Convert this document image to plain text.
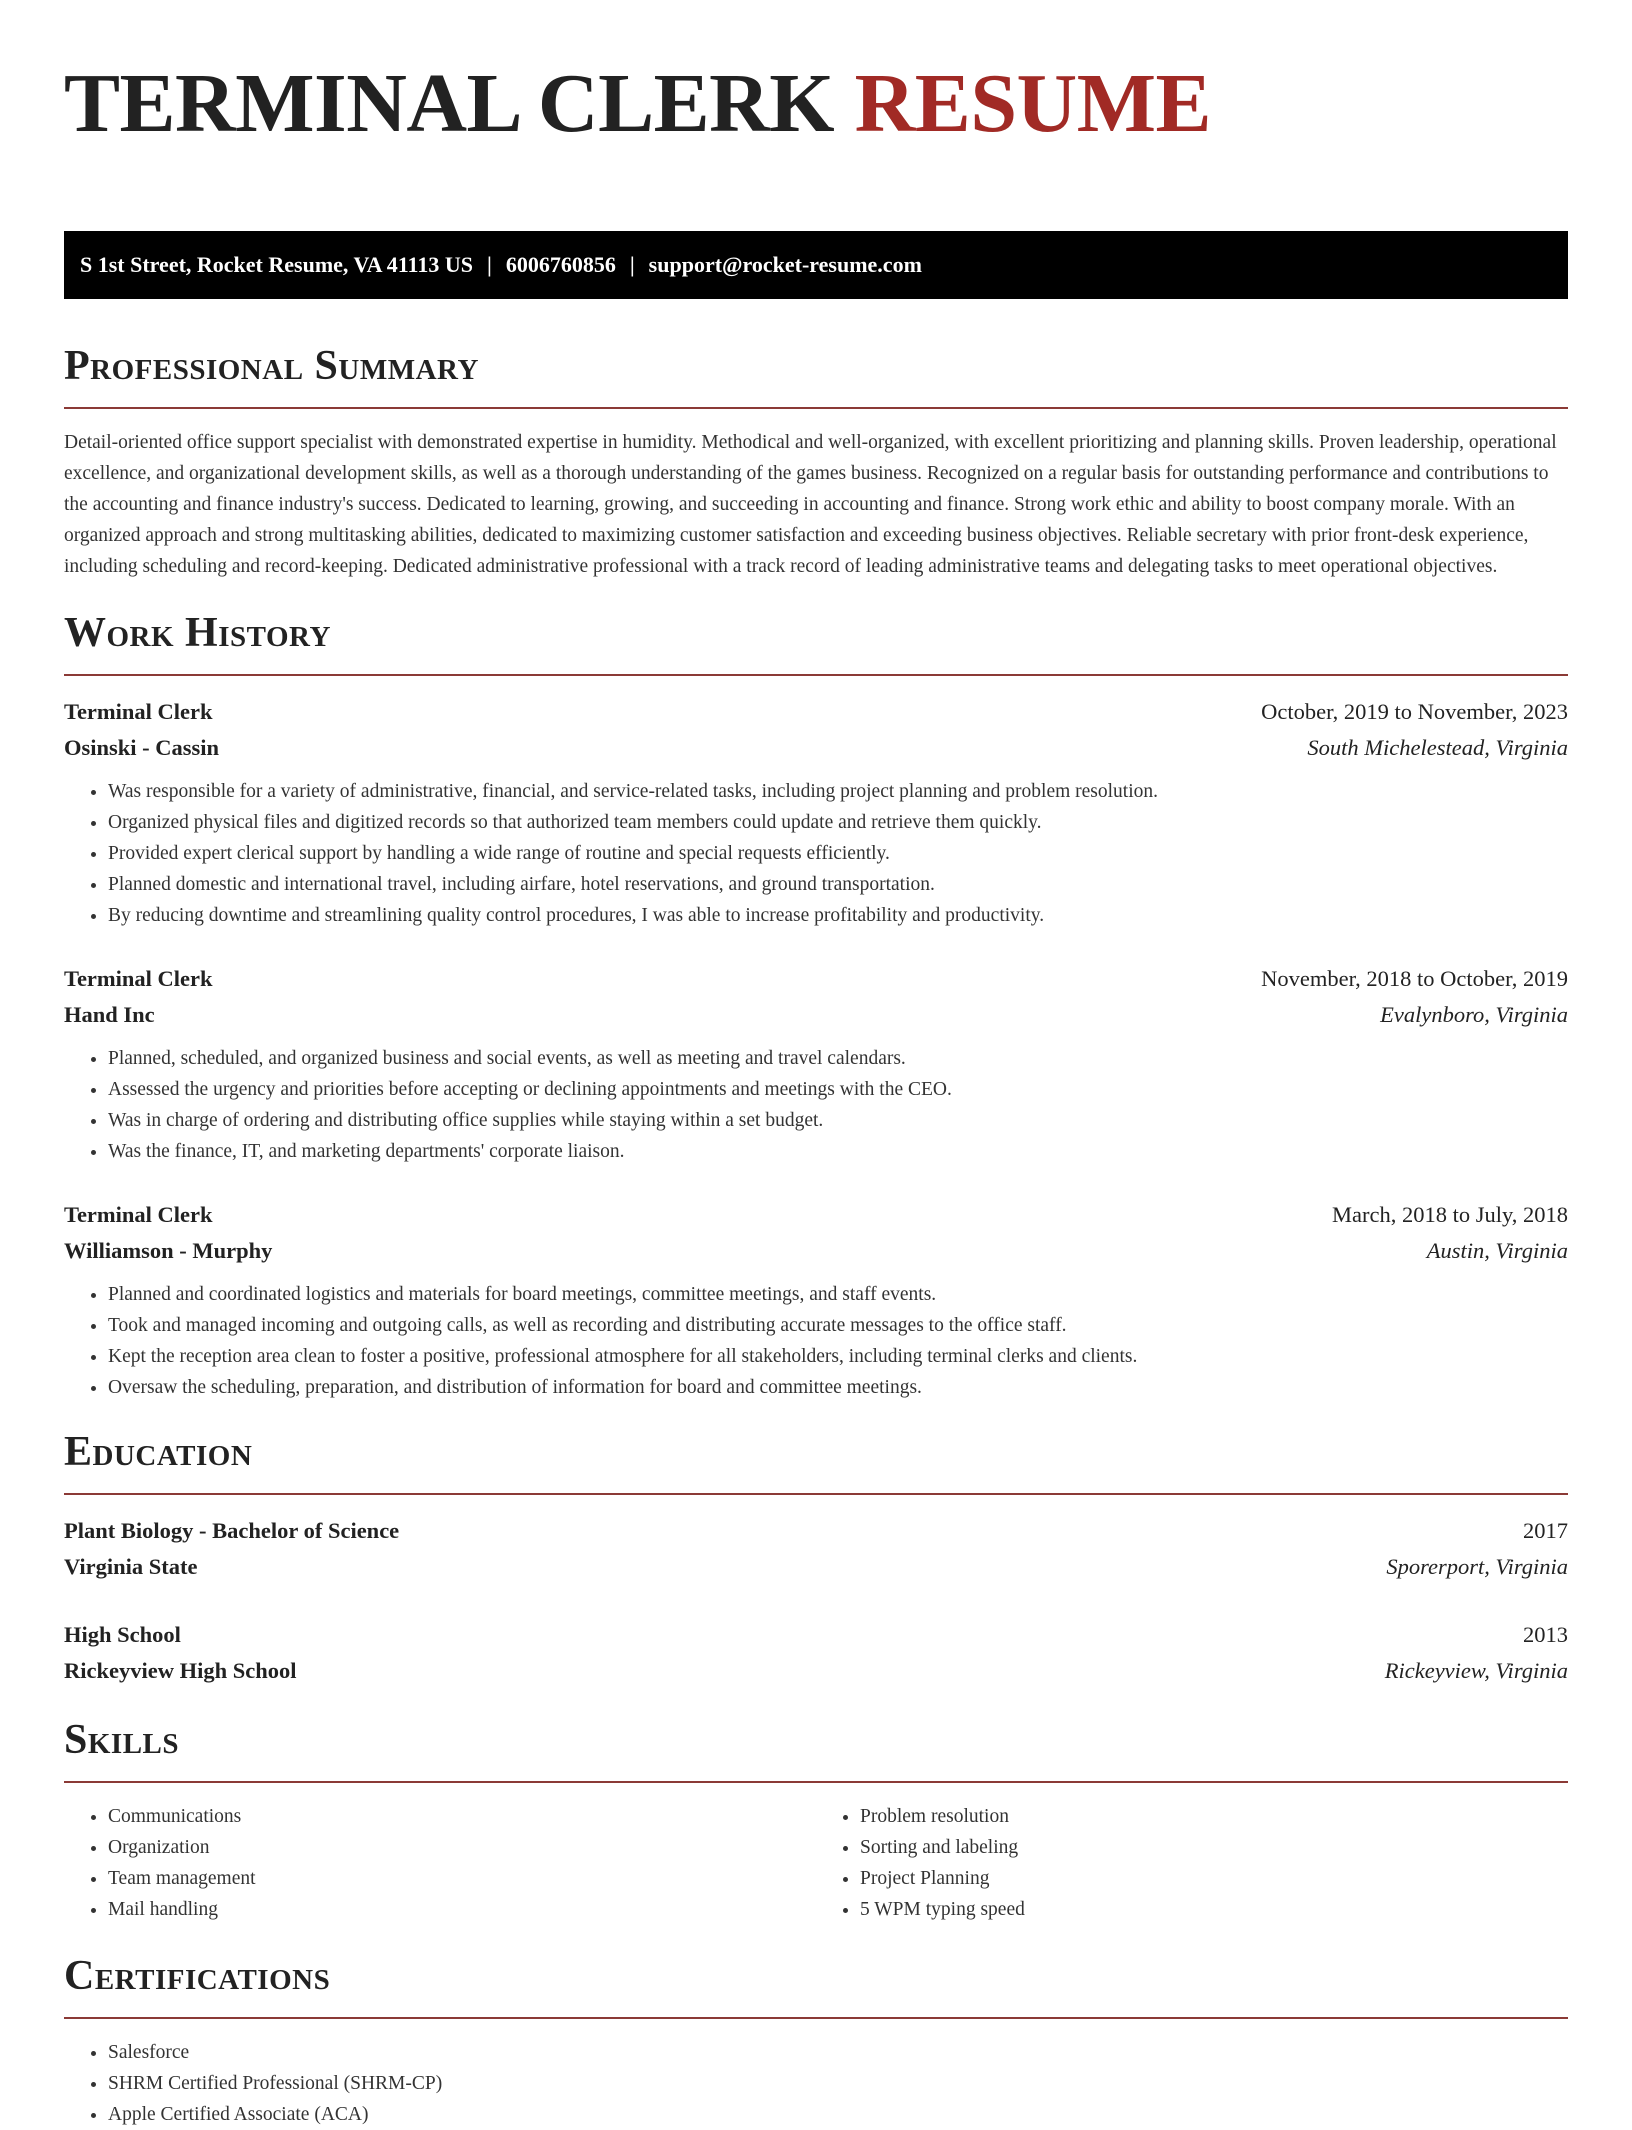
TERMINAL CLERK RESUME
S 1st Street, Rocket Resume, VA 41113 US | 6006760856 | support@rocket-resume.com
Professional Summary

Detail-oriented office support specialist with demonstrated expertise in humidity. Methodical and well-organized, with excellent prioritizing and planning skills. Proven leadership, operational excellence, and organizational development skills, as well as a thorough understanding of the games business. Recognized on a regular basis for outstanding performance and contributions to the accounting and finance industry's success. Dedicated to learning, growing, and succeeding in accounting and finance. Strong work ethic and ability to boost company morale. With an organized approach and strong multitasking abilities, dedicated to maximizing customer satisfaction and exceeding business objectives. Reliable secretary with prior front-desk experience, including scheduling and record-keeping. Dedicated administrative professional with a track record of leading administrative teams and delegating tasks to meet operational objectives.

Work History
Terminal Clerk	October, 2019 to November, 2023
Osinski - Cassin	South Michelestead, Virginia
• Was responsible for a variety of administrative, financial, and service-related tasks, including project planning and problem resolution.
• Organized physical files and digitized records so that authorized team members could update and retrieve them quickly.
• Provided expert clerical support by handling a wide range of routine and special requests efficiently.
• Planned domestic and international travel, including airfare, hotel reservations, and ground transportation.
• By reducing downtime and streamlining quality control procedures, I was able to increase profitability and productivity.
Terminal Clerk	November, 2018 to October, 2019
Hand Inc	Evalynboro, Virginia
• Planned, scheduled, and organized business and social events, as well as meeting and travel calendars.
• Assessed the urgency and priorities before accepting or declining appointments and meetings with the CEO.
• Was in charge of ordering and distributing office supplies while staying within a set budget.
• Was the finance, IT, and marketing departments' corporate liaison.
Terminal Clerk	March, 2018 to July, 2018
Williamson - Murphy	Austin, Virginia
• Planned and coordinated logistics and materials for board meetings, committee meetings, and staff events.
• Took and managed incoming and outgoing calls, as well as recording and distributing accurate messages to the office staff.
• Kept the reception area clean to foster a positive, professional atmosphere for all stakeholders, including terminal clerks and clients.
• Oversaw the scheduling, preparation, and distribution of information for board and committee meetings.
Education
Plant Biology - Bachelor of Science	2017
Virginia State	Sporerport, Virginia
High School	2013
Rickeyview High School	Rickeyview, Virginia
Skills
• Communications
• Organization
• Team management
• Mail handling
• Problem resolution
• Sorting and labeling
• Project Planning
• 5 WPM typing speed
Certifications
• Salesforce
• SHRM Certified Professional (SHRM-CP)
• Apple Certified Associate (ACA)
